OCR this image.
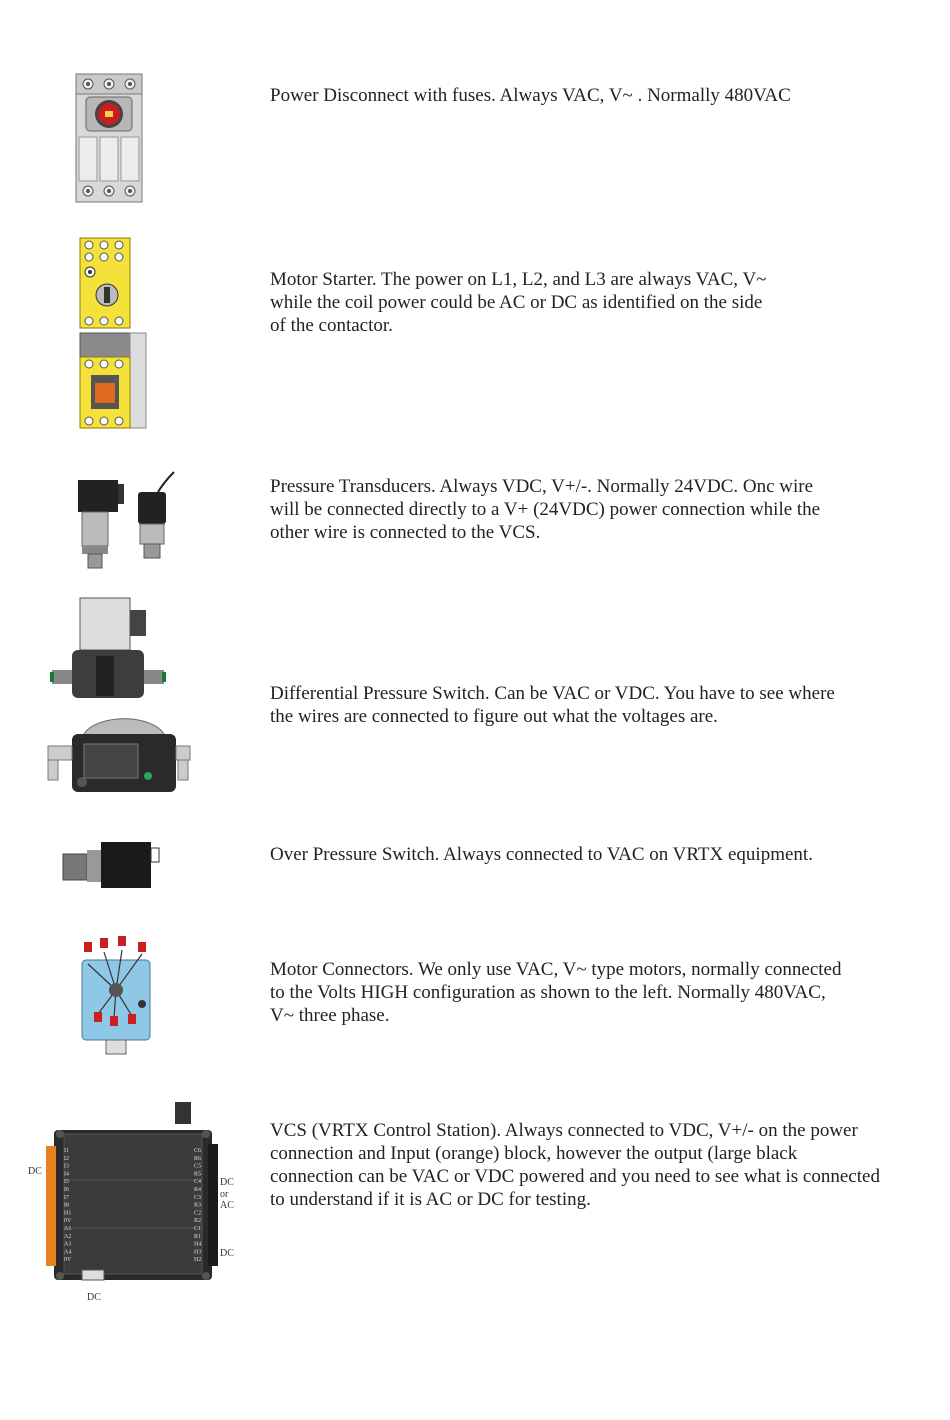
Power Disconnect with fuses. Always VAC, V~ . Normally 480VAC
Motor Starter. The power on L1, L2, and L3 are always VAC, V~
while the coil power could be AC or DC as identified on the side
of the contactor.
Pressure Transducers. Always VDC, V+/-. Normally 24VDC. Onc wire
will be connected directly to a V+ (24VDC) power connection while the
other wire is connected to the VCS.
Differential Pressure Switch. Can be VAC or VDC. You have to see where
the wires are connected to figure out what the voltages are.
Over Pressure Switch. Always connected to VAC on VRTX equipment.
Motor Connectors. We only use VAC, V~ type motors, normally connected
to the Volts HIGH configuration as shown to the left. Normally 480VAC,
V~ three phase.
I1
I2
I3
I4
I5
I6
I7
I8
H1
0V
A1
A2
A3
A4
0V
C6
R6
C5
R5
C4
R4
C3
R3
C2
R2
C1
R1
H4
H3
H2
DC
DC
or
AC
DC
DC
VCS (VRTX Control Station). Always connected to VDC, V+/- on the power
connection and Input (orange) block, however the output (large black
connection can be VAC or VDC powered and you need to see what is connected
to understand if it is AC or DC for testing.
